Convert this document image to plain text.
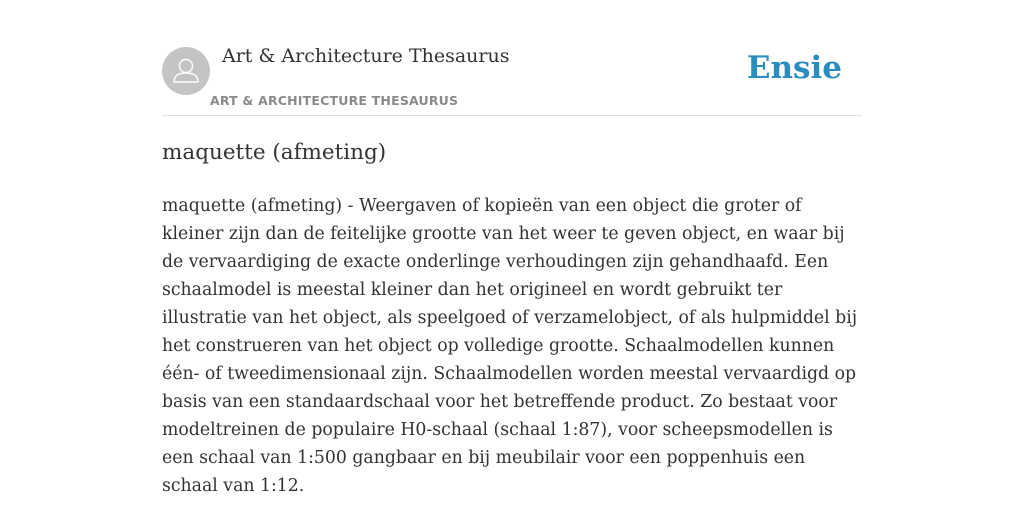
Art & Architecture Thesaurus
ART & ARCHITECTURE THESAURUS
Ensie
maquette (afmeting)

maquette (afmeting) - Weergaven of kopieën van een object die groter of kleiner zijn dan de feitelijke grootte van het weer te geven object, en waar bij de vervaardiging de exacte onderlinge verhoudingen zijn gehandhaafd. Een schaalmodel is meestal kleiner dan het origineel en wordt gebruikt ter illustratie van het object, als speelgoed of verzamelobject, of als hulpmiddel bij het construeren van het object op volledige grootte. Schaalmodellen kunnen één- of tweedimensionaal zijn. Schaalmodellen worden meestal vervaardigd op basis van een standaardschaal voor het betreffende product. Zo bestaat voor modeltreinen de populaire H0-schaal (schaal 1:87), voor scheepsmodellen is een schaal van 1:500 gangbaar en bij meubilair voor een poppenhuis een schaal van 1:12.
